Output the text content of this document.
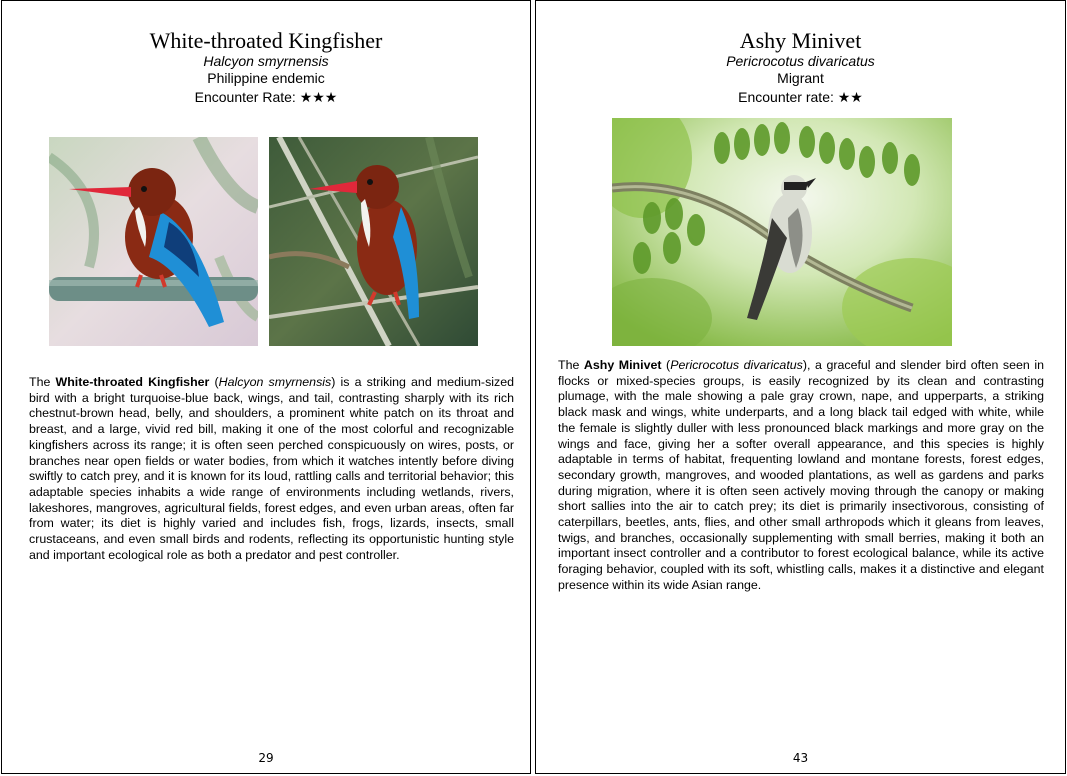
White-throated Kingfisher
Halcyon smyrnensis
Philippine endemic
Encounter Rate: ★★★
The White-throated Kingfisher (Halcyon smyrnensis) is a striking and medium-sized bird with a bright turquoise-blue back, wings, and tail, contrasting sharply with its rich chestnut-brown head, belly, and shoulders, a prominent white patch on its throat and breast, and a large, vivid red bill, making it one of the most colorful and recognizable kingfishers across its range; it is often seen perched conspicuously on wires, posts, or branches near open fields or water bodies, from which it watches intently before diving swiftly to catch prey, and it is known for its loud, rattling calls and territorial behavior; this adaptable species inhabits a wide range of environments including wetlands, rivers, lakeshores, mangroves, agricultural fields, forest edges, and even urban areas, often far from water; its diet is highly varied and includes fish, frogs, lizards, insects, small crustaceans, and even small birds and rodents, reflecting its opportunistic hunting style and important ecological role as both a predator and pest controller.
29
Ashy Minivet
Pericrocotus divaricatus
Migrant
Encounter rate: ★★
The Ashy Minivet (Pericrocotus divaricatus), a graceful and slender bird often seen in flocks or mixed-species groups, is easily recognized by its clean and contrasting plumage, with the male showing a pale gray crown, nape, and upperparts, a striking black mask and wings, white underparts, and a long black tail edged with white, while the female is slightly duller with less pronounced black markings and more gray on the wings and face, giving her a softer overall appearance, and this species is highly adaptable in terms of habitat, frequenting lowland and montane forests, forest edges, secondary growth, mangroves, and wooded plantations, as well as gardens and parks during migration, where it is often seen actively moving through the canopy or making short sallies into the air to catch prey; its diet is primarily insectivorous, consisting of caterpillars, beetles, ants, flies, and other small arthropods which it gleans from leaves, twigs, and branches, occasionally supplementing with small berries, making it both an important insect controller and a contributor to forest ecological balance, while its active foraging behavior, coupled with its soft, whistling calls, makes it a distinctive and elegant presence within its wide Asian range.
43
